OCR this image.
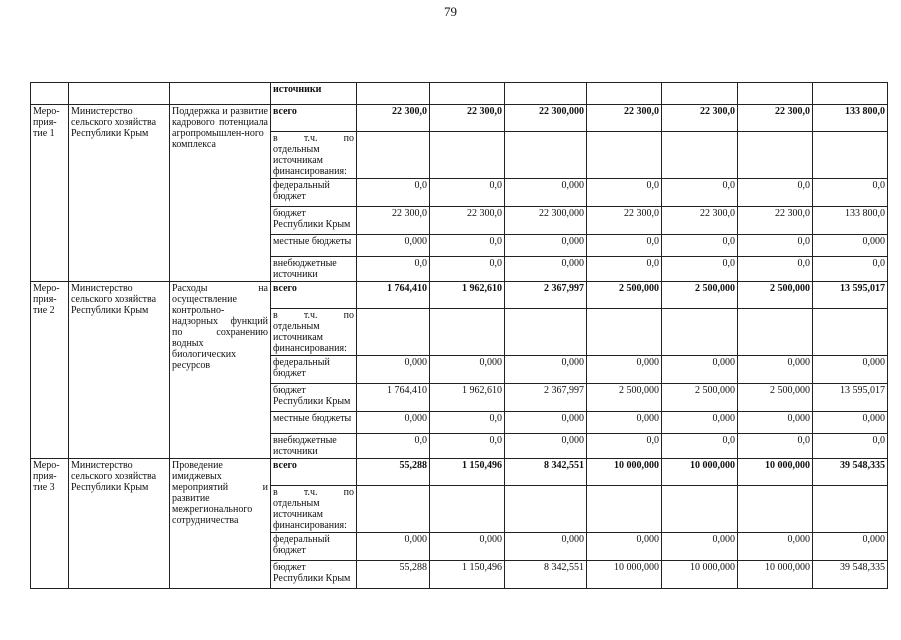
79
			источники							
Меро-прия-тие 1	Министерство сельского хозяйства Республики Крым	Поддержка и развитие кадрового потенциала агропромышлен-ного комплекса	всего	22 300,0	22 300,0	22 300,000	22 300,0	22 300,0	22 300,0	133 800,0
			в т.ч. по отдельным источникам финансирования:							
			федеральный бюджет	0,0	0,0	0,000	0,0	0,0	0,0	0,0
			бюджет Республики Крым	22 300,0	22 300,0	22 300,000	22 300,0	22 300,0	22 300,0	133 800,0
			местные бюджеты	0,000	0,0	0,000	0,0	0,0	0,0	0,000
			внебюджетные источники	0,0	0,0	0,000	0,0	0,0	0,0	0,0
Меро-прия-тие 2	Министерство сельского хозяйства Республики Крым	Расходы на осуществление контрольно-надзорных функций по сохранению водных биологических ресурсов	всего	1 764,410	1 962,610	2 367,997	2 500,000	2 500,000	2 500,000	13 595,017
			в т.ч. по отдельным источникам финансирования:							
			федеральный бюджет	0,000	0,000	0,000	0,000	0,000	0,000	0,000
			бюджет Республики Крым	1 764,410	1 962,610	2 367,997	2 500,000	2 500,000	2 500,000	13 595,017
			местные бюджеты	0,000	0,0	0,000	0,000	0,000	0,000	0,000
			внебюджетные источники	0,0	0,0	0,000	0,0	0,0	0,0	0,0
Меро-прия-тие 3	Министерство сельского хозяйства Республики Крым	Проведение имиджевых мероприятий и развитие межрегионального сотрудничества	всего	55,288	1 150,496	8 342,551	10 000,000	10 000,000	10 000,000	39 548,335
			в т.ч. по отдельным источникам финансирования:							
			федеральный бюджет	0,000	0,000	0,000	0,000	0,000	0,000	0,000
			бюджет Республики Крым	55,288	1 150,496	8 342,551	10 000,000	10 000,000	10 000,000	39 548,335
